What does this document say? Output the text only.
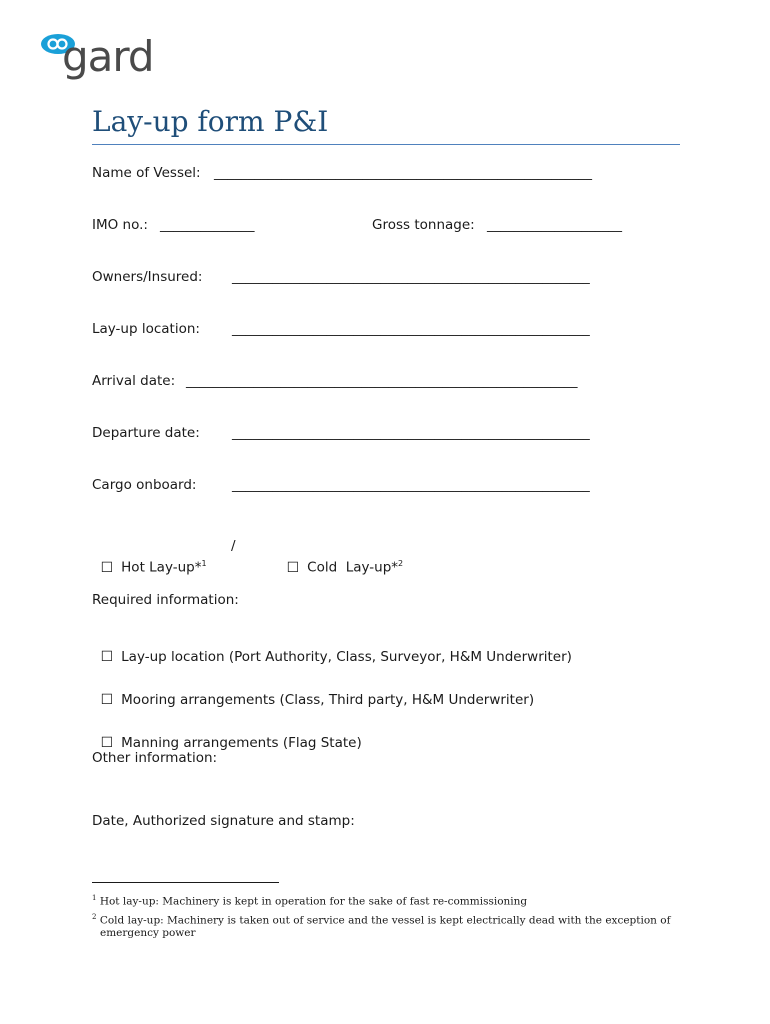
gard
Lay-up form P&I
Name of Vessel: ________________________________________________________
IMO no.: ______________	Gross tonnage: ____________________
Owners/Insured: _____________________________________________________
Lay-up location: _____________________________________________________
Arrival date: __________________________________________________________
Departure date: _____________________________________________________
Cargo onboard:	_____________________________________________________

☐ Hot Lay-up*$^1$

/

☐ Cold  Lay-up*$^2$

Required information:

☐ Lay-up location (Port Authority, Class, Surveyor, H&M Underwriter)

☐ Mooring arrangements (Class, Third party, H&M Underwriter)

☐ Manning arrangements (Flag State)

Other information:
Date, Authorized signature and stamp:
$^1$ Hot lay-up: Machinery is kept in operation for the sake of fast re-commissioning
$^2$ Cold lay-up: Machinery is taken out of service and the vessel is kept electrically dead with the exception of
emergency power
